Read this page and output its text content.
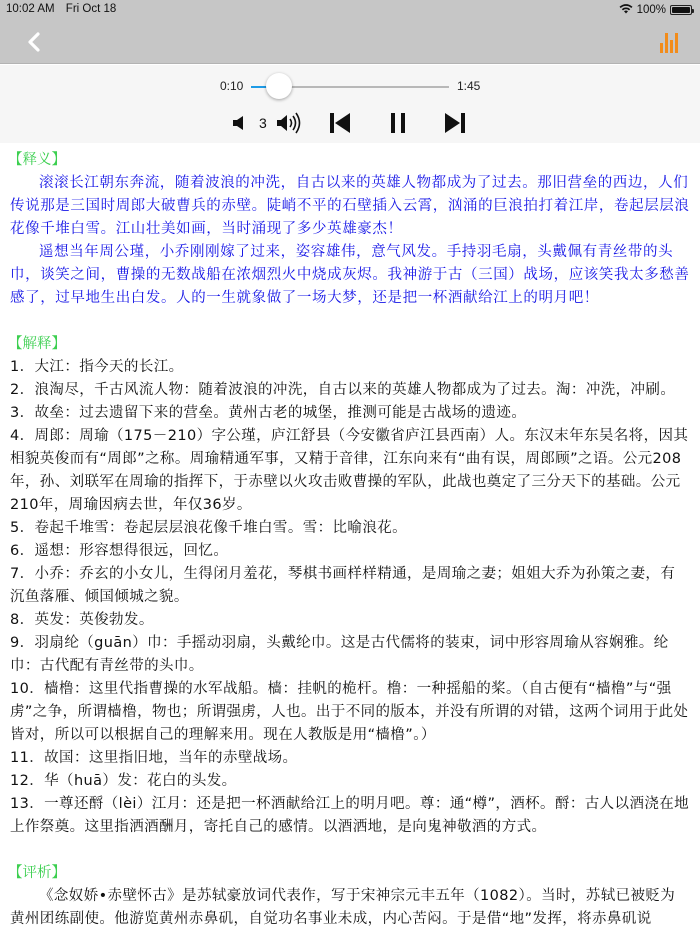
10:02 AM Fri Oct 18	100%
0:10	1:45
3
【释义】

滚滚长江朝东奔流，随着波浪的冲洗，自古以来的英雄人物都成为了过去。那旧营垒的西边，人们传说那是三国时周郎大破曹兵的赤壁。陡峭不平的石壁插入云霄，汹涌的巨浪拍打着江岸，卷起层层浪花像千堆白雪。江山壮美如画，当时涌现了多少英雄豪杰！

遥想当年周公瑾，小乔刚刚嫁了过来，姿容雄伟，意气风发。手持羽毛扇，头戴佩有青丝带的头巾，谈笑之间，曹操的无数战船在浓烟烈火中烧成灰烬。我神游于古（三国）战场，应该笑我太多愁善感了，过早地生出白发。人的一生就象做了一场大梦，还是把一杯酒献给江上的明月吧！

【解释】

1．大江：指今天的长江。

2．浪淘尽，千古风流人物：随着波浪的冲洗，自古以来的英雄人物都成为了过去。淘：冲洗，冲刷。

3．故垒：过去遗留下来的营垒。黄州古老的城堡，推测可能是古战场的遗迹。

4．周郎：周瑜（175－210）字公瑾，庐江舒县（今安徽省庐江县西南）人。东汉末年东吴名将，因其相貌英俊而有“周郎”之称。周瑜精通军事，又精于音律，江东向来有“曲有误，周郎顾”之语。公元208年，孙、刘联军在周瑜的指挥下，于赤壁以火攻击败曹操的军队，此战也奠定了三分天下的基础。公元210年，周瑜因病去世，年仅36岁。

5．卷起千堆雪：卷起层层浪花像千堆白雪。雪：比喻浪花。

6．遥想：形容想得很远，回忆。

7．小乔：乔玄的小女儿，生得闭月羞花，琴棋书画样样精通，是周瑜之妻；姐姐大乔为孙策之妻，有沉鱼落雁、倾国倾城之貌。

8．英发：英俊勃发。

9．羽扇纶（guān）巾：手摇动羽扇，头戴纶巾。这是古代儒将的装束，词中形容周瑜从容娴雅。纶巾：古代配有青丝带的头巾。

10．樯橹：这里代指曹操的水军战船。樯：挂帆的桅杆。橹：一种摇船的桨。（自古便有“樯橹”与“强虏”之争，所谓樯橹，物也；所谓强虏，人也。出于不同的版本，并没有所谓的对错，这两个词用于此处皆对，所以可以根据自己的理解来用。现在人教版是用“樯橹”。）

11．故国：这里指旧地，当年的赤壁战场。

12．华（huā）发：花白的头发。

13．一尊还酹（lèi）江月：还是把一杯酒献给江上的明月吧。尊：通“樽”，酒杯。酹：古人以酒浇在地上作祭奠。这里指洒酒酬月，寄托自己的感情。以酒洒地，是向鬼神敬酒的方式。

【评析】

《念奴娇•赤壁怀古》是苏轼豪放词代表作，写于宋神宗元丰五年（1082）。当时，苏轼已被贬为黄州团练副使。他游览黄州赤鼻矶，自觉功名事业未成，内心苦闷。于是借“地”发挥，将赤鼻矶说
